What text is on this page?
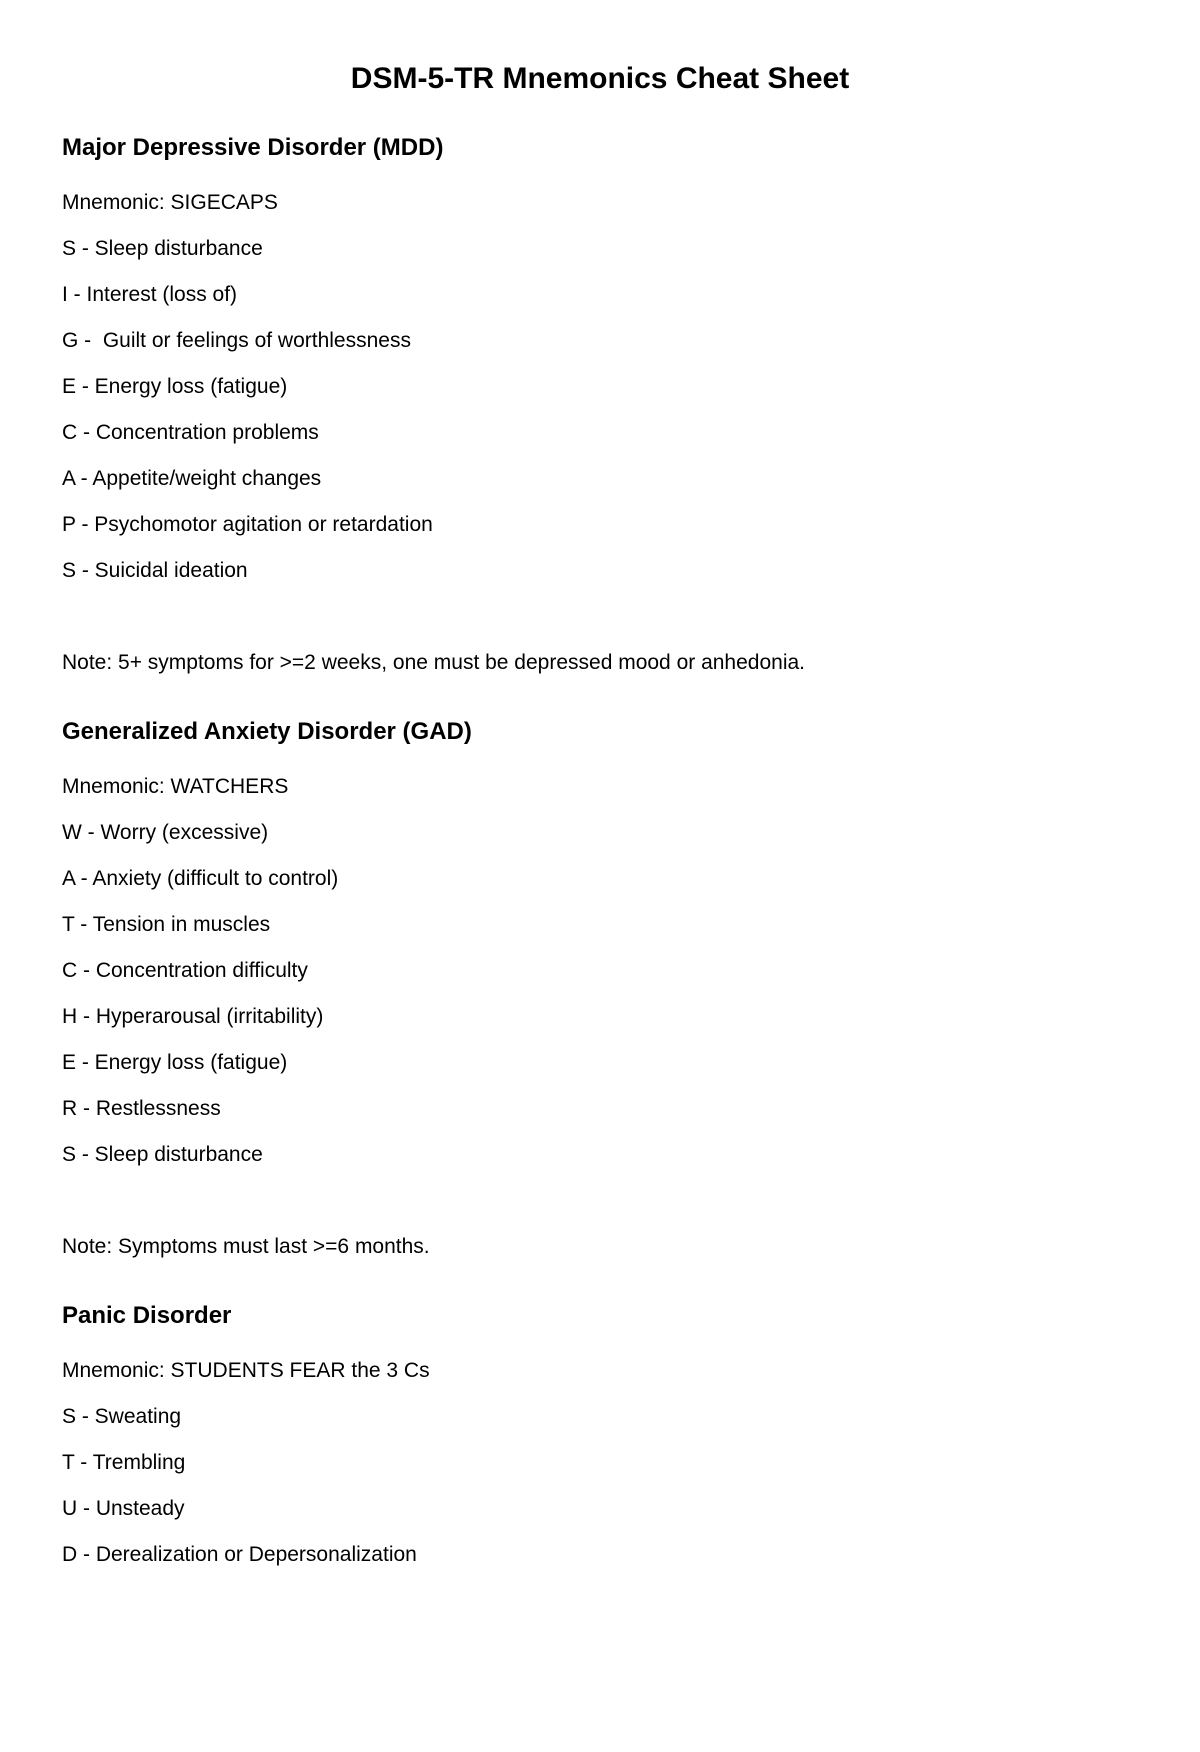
DSM-5-TR Mnemonics Cheat Sheet
Major Depressive Disorder (MDD)

Mnemonic: SIGECAPS

S - Sleep disturbance

I - Interest (loss of)

G -  Guilt or feelings of worthlessness

E - Energy loss (fatigue)

C - Concentration problems

A - Appetite/weight changes

P - Psychomotor agitation or retardation

S - Suicidal ideation

Note: 5+ symptoms for >=2 weeks, one must be depressed mood or anhedonia.

Generalized Anxiety Disorder (GAD)

Mnemonic: WATCHERS

W - Worry (excessive)

A - Anxiety (difficult to control)

T - Tension in muscles

C - Concentration difficulty

H - Hyperarousal (irritability)

E - Energy loss (fatigue)

R - Restlessness

S - Sleep disturbance

Note: Symptoms must last >=6 months.

Panic Disorder

Mnemonic: STUDENTS FEAR the 3 Cs

S - Sweating

T - Trembling

U - Unsteady

D - Derealization or Depersonalization
